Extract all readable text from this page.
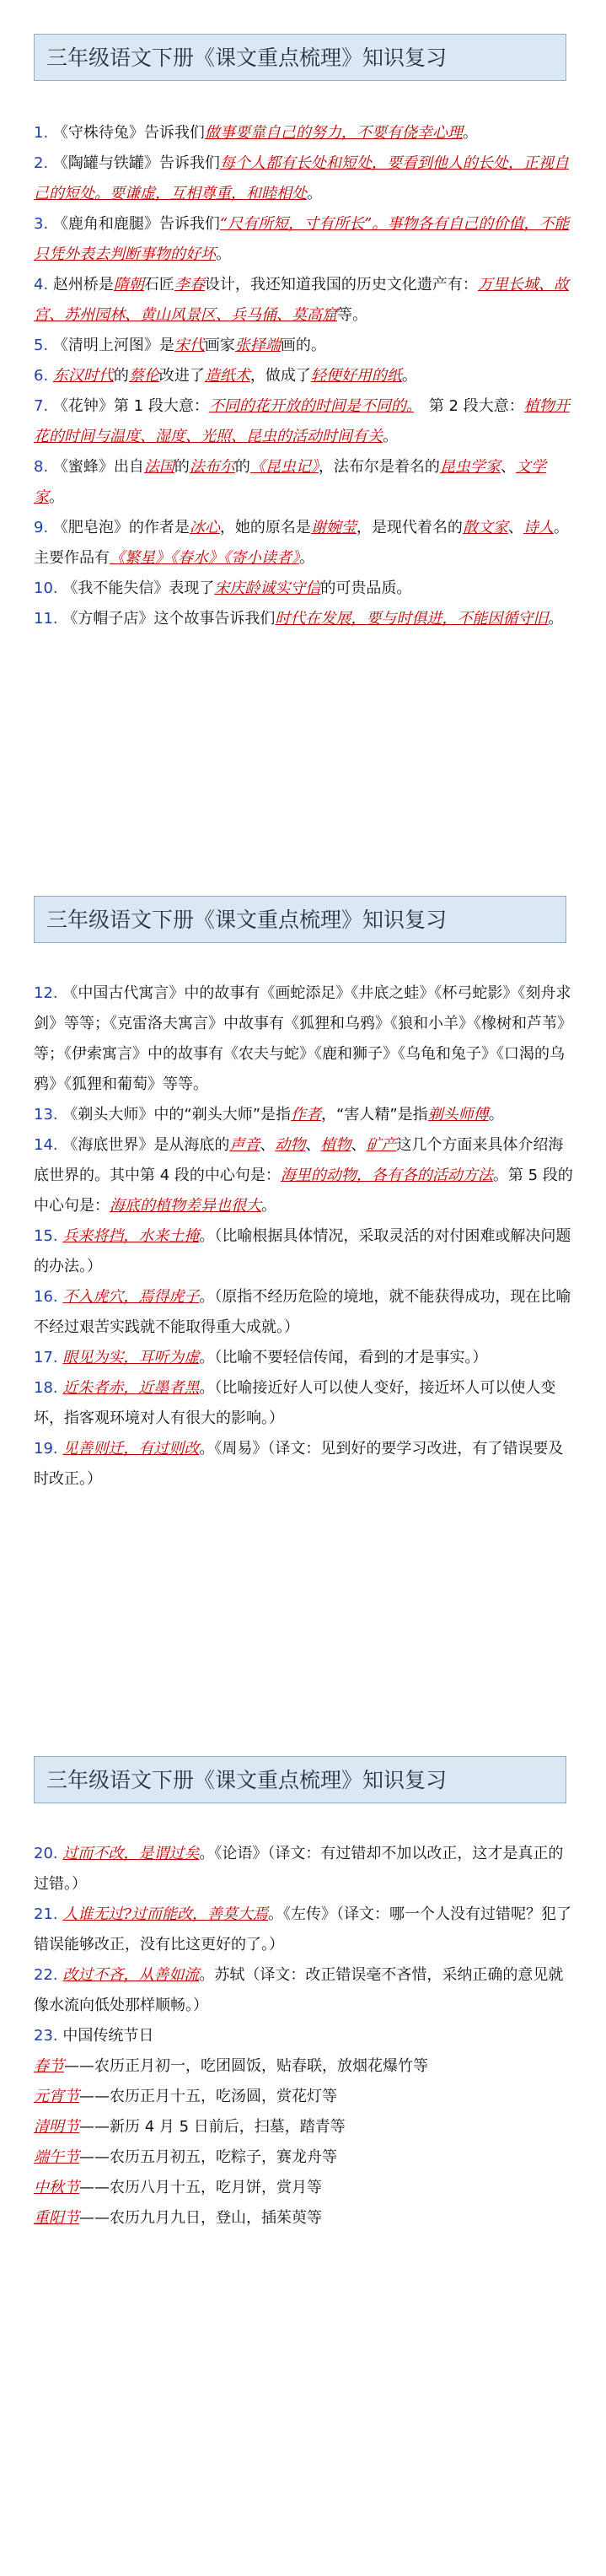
三年级语文下册《课文重点梳理》知识复习

1. 《守株待兔》告诉我们做事要靠自己的努力，不要有侥幸心理。

2. 《陶罐与铁罐》告诉我们每个人都有长处和短处，要看到他人的长处，正视自己的短处。要谦虚，互相尊重，和睦相处。

3. 《鹿角和鹿腿》告诉我们“尺有所短，寸有所长”。事物各有自己的价值，不能只凭外表去判断事物的好坏。

4. 赵州桥是隋朝石匠李春设计，我还知道我国的历史文化遗产有：万里长城、故宫、苏州园林、黄山风景区、兵马俑、莫高窟等。

5. 《清明上河图》是宋代画家张择端画的。

6. 东汉时代的蔡伦改进了造纸术，做成了轻便好用的纸。

7. 《花钟》第 1 段大意：不同的花开放的时间是不同的。　第 2 段大意：植物开花的时间与温度、湿度、光照、昆虫的活动时间有关。

8. 《蜜蜂》出自法国的法布尔的《昆虫记》，法布尔是着名的昆虫学家、文学家。

9. 《肥皂泡》的作者是冰心，她的原名是谢婉莹，是现代着名的散文家、诗人。主要作品有《繁星》《春水》《寄小读者》。

10. 《我不能失信》表现了宋庆龄诚实守信的可贵品质。

11. 《方帽子店》这个故事告诉我们时代在发展，要与时俱进，不能因循守旧。

三年级语文下册《课文重点梳理》知识复习

12. 《中国古代寓言》中的故事有《画蛇添足》《井底之蛙》《杯弓蛇影》《刻舟求剑》等等；《克雷洛夫寓言》中故事有《狐狸和乌鸦》《狼和小羊》《橡树和芦苇》等；《伊索寓言》中的故事有《农夫与蛇》《鹿和狮子》《乌龟和兔子》《口渴的乌鸦》《狐狸和葡萄》等等。

13. 《剃头大师》中的“剃头大师”是指作者，“害人精”是指剃头师傅。

14. 《海底世界》是从海底的声音、动物、植物、矿产这几个方面来具体介绍海底世界的。其中第 4 段的中心句是：海里的动物，各有各的活动方法。第 5 段的中心句是：海底的植物差异也很大。

15. 兵来将挡，水来土掩。（比喻根据具体情况，采取灵活的对付困难或解决问题的办法。）

16. 不入虎穴，焉得虎子。（原指不经历危险的境地，就不能获得成功，现在比喻不经过艰苦实践就不能取得重大成就。）

17. 眼见为实，耳听为虚。（比喻不要轻信传闻，看到的才是事实。）

18. 近朱者赤，近墨者黑。（比喻接近好人可以使人变好，接近坏人可以使人变坏，指客观环境对人有很大的影响。）

19. 见善则迁，有过则改。《周易》（译文：见到好的要学习改进，有了错误要及时改正。）

三年级语文下册《课文重点梳理》知识复习

20. 过而不改，是谓过矣。《论语》（译文：有过错却不加以改正，这才是真正的过错。）

21. 人谁无过?过而能改，善莫大焉。《左传》（译文：哪一个人没有过错呢？犯了错误能够改正，没有比这更好的了。）

22. 改过不吝，从善如流。苏轼（译文：改正错误毫不吝惜，采纳正确的意见就像水流向低处那样顺畅。）

23. 中国传统节日

春节——农历正月初一，吃团圆饭，贴春联，放烟花爆竹等

元宵节——农历正月十五，吃汤圆，赏花灯等

清明节——新历 4 月 5 日前后，扫墓，踏青等

端午节——农历五月初五，吃粽子，赛龙舟等

中秋节——农历八月十五，吃月饼，赏月等

重阳节——农历九月九日，登山，插茱萸等
